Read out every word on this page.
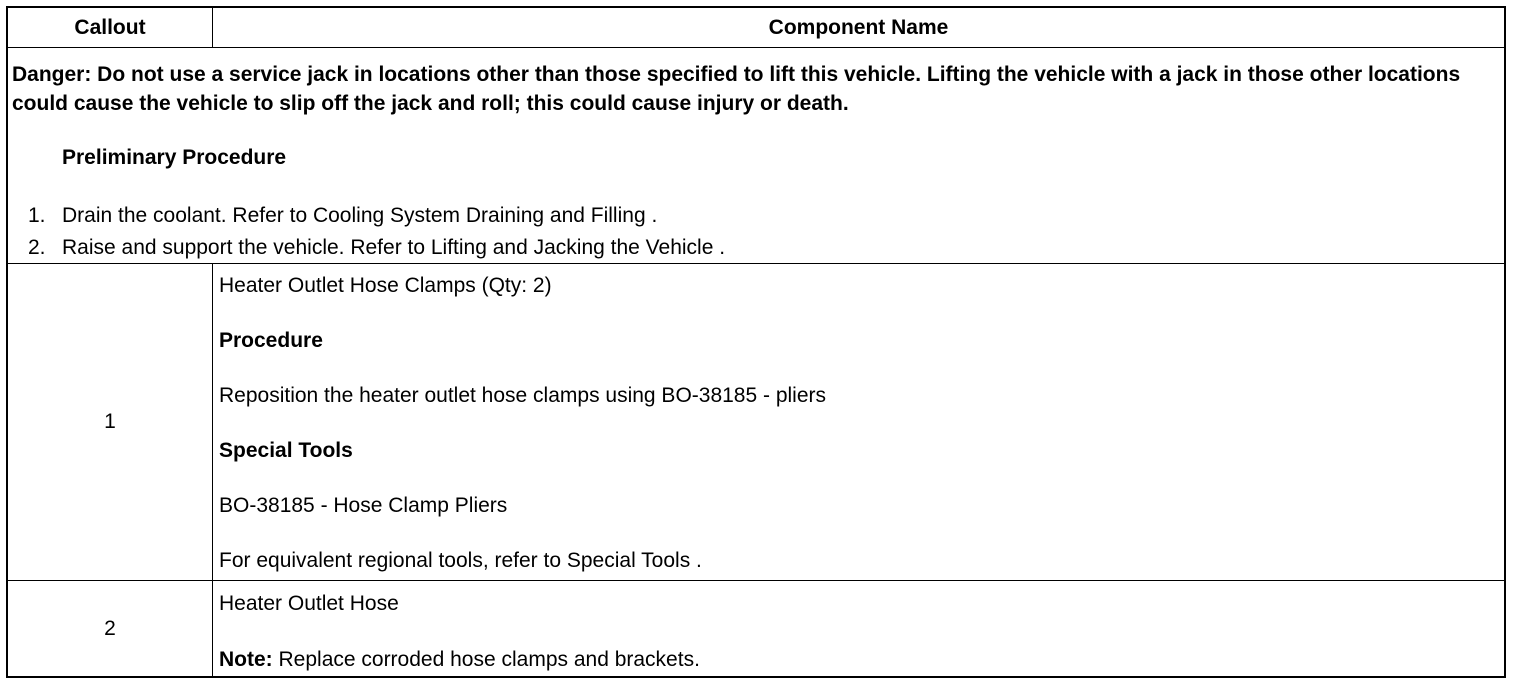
Callout	Component Name
Danger: Do not use a service jack in locations other than those specified to lift this vehicle. Lifting the vehicle with a jack in those other locations could cause the vehicle to slip off the jack and roll; this could cause injury or death.
Preliminary Procedure
1. Drain the coolant. Refer to Cooling System Draining and Filling .
2. Raise and support the vehicle. Refer to Lifting and Jacking the Vehicle .
1
Heater Outlet Hose Clamps (Qty: 2)
Procedure
Reposition the heater outlet hose clamps using BO-38185 - pliers
Special Tools
BO-38185 - Hose Clamp Pliers
For equivalent regional tools, refer to Special Tools .
2
Heater Outlet Hose
Note: Replace corroded hose clamps and brackets.
